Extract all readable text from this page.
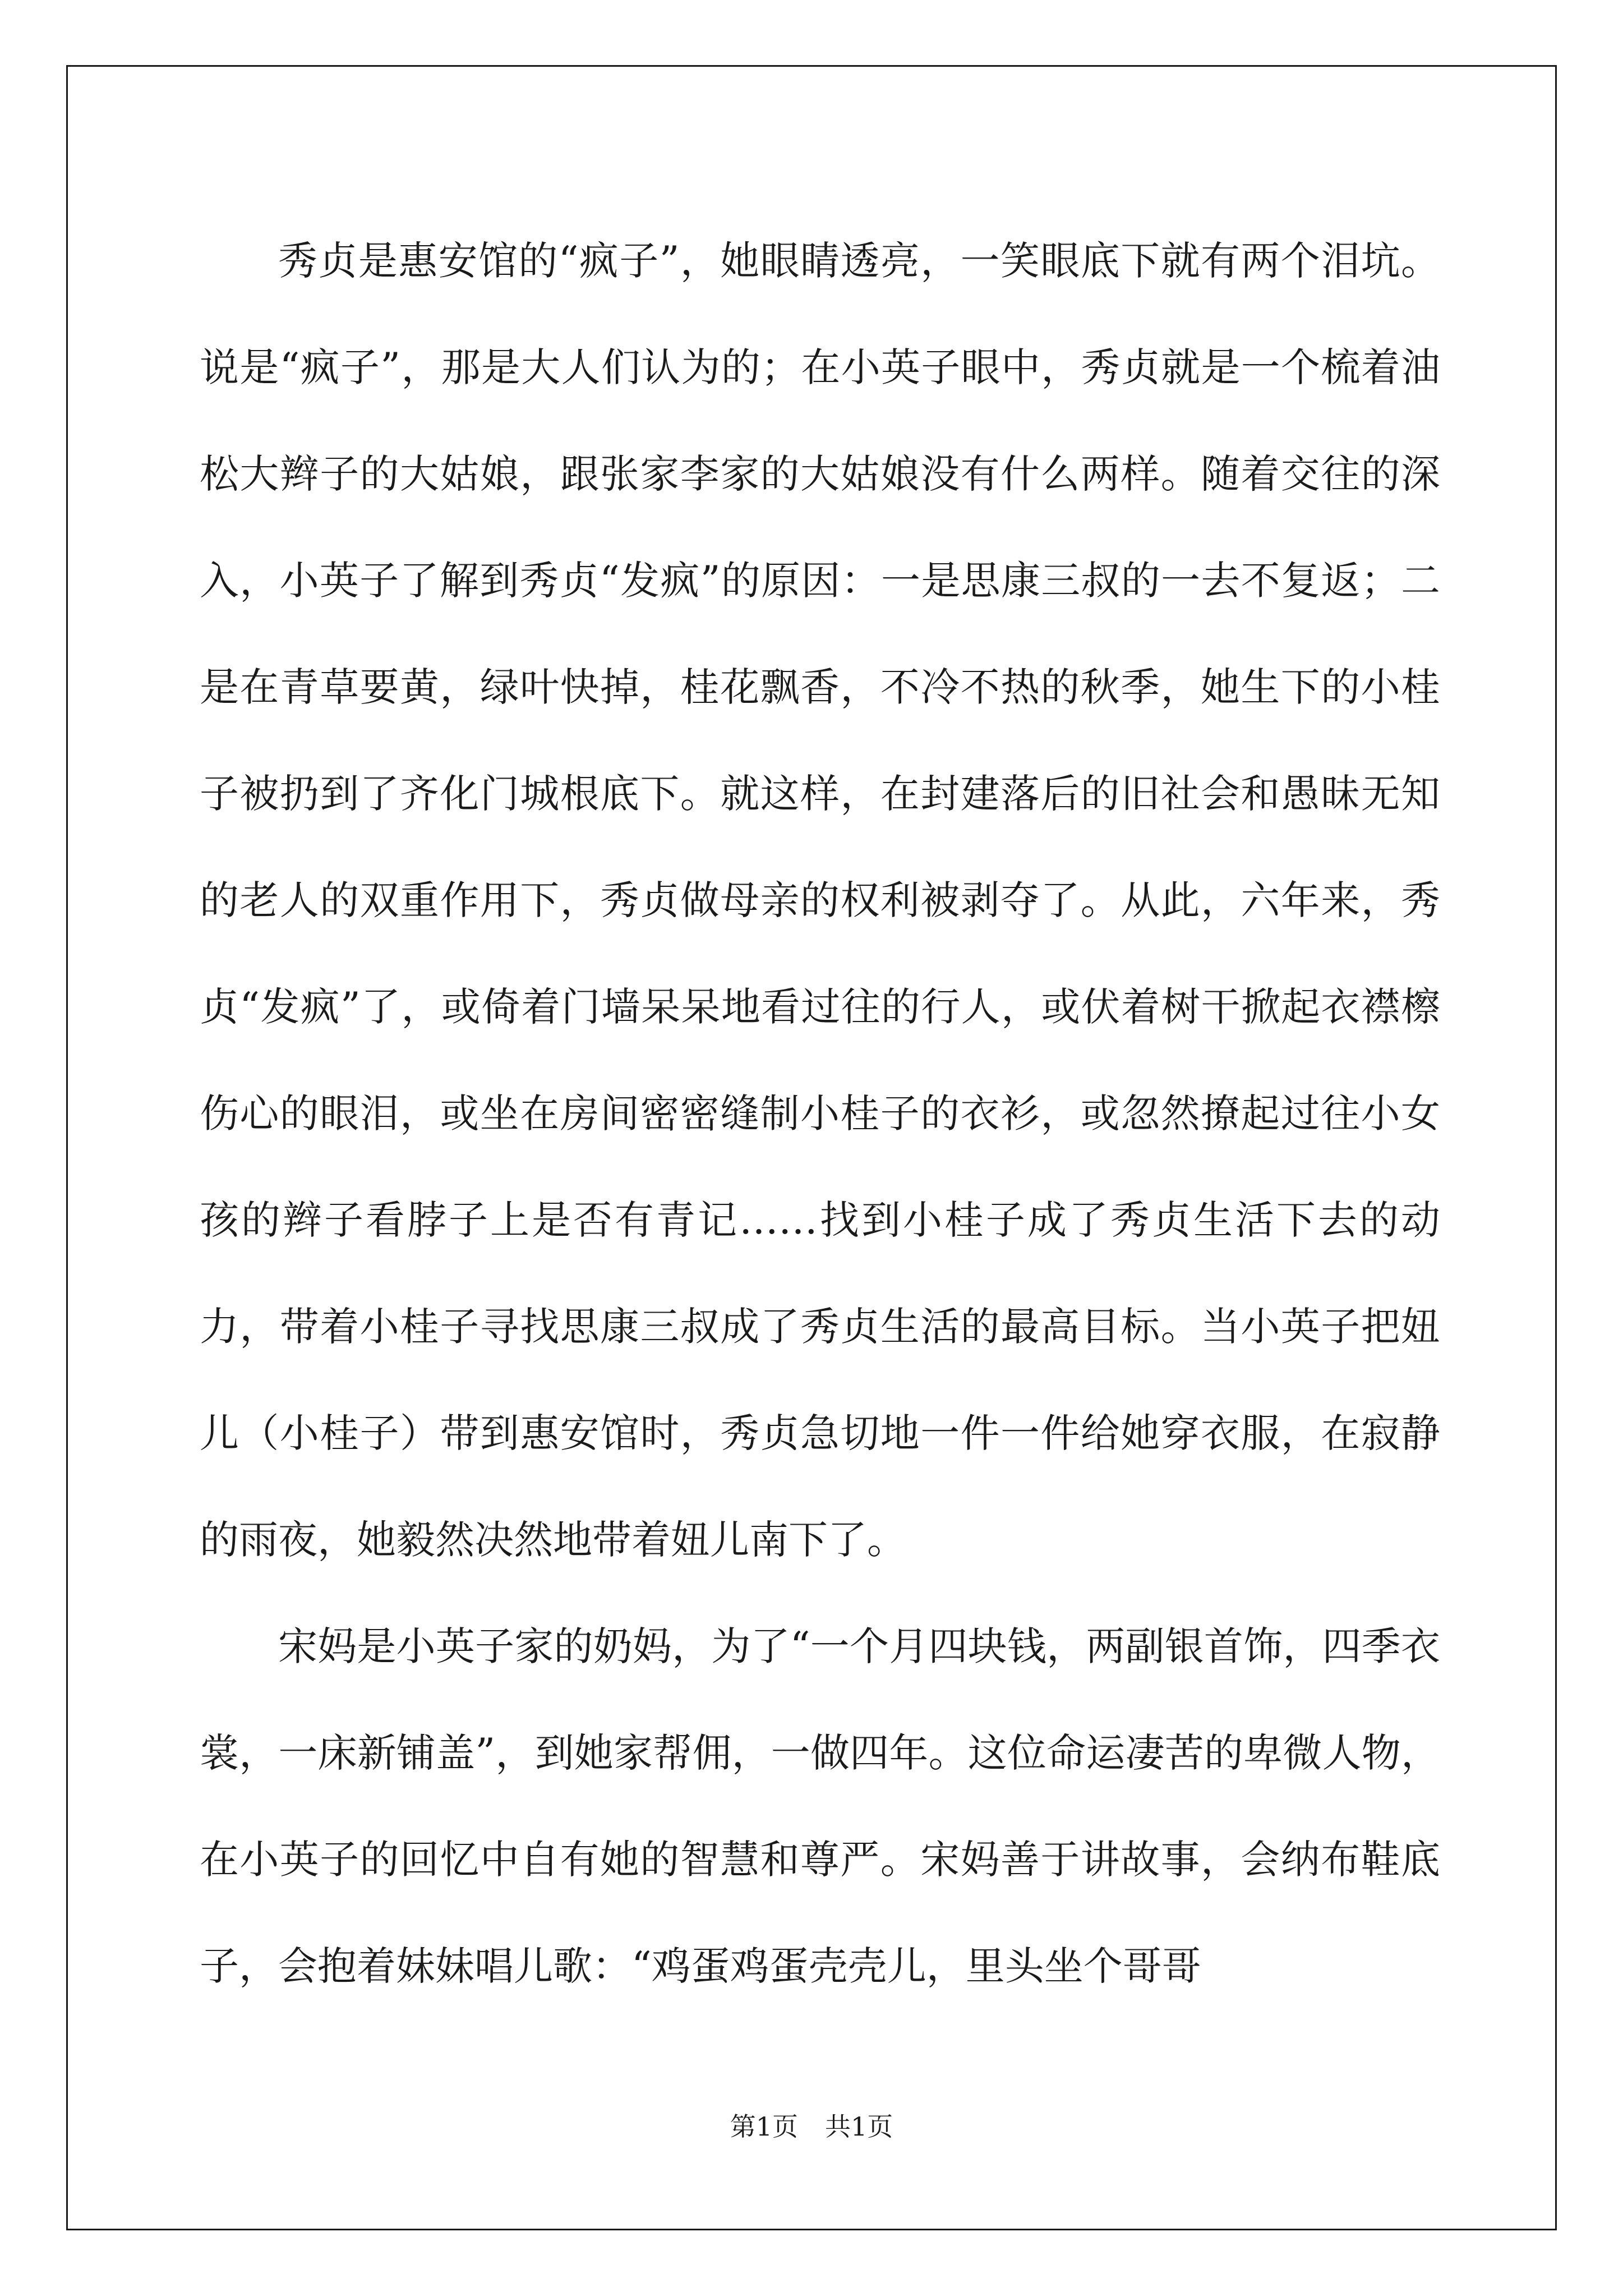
秀贞是惠安馆的“疯子”，她眼睛透亮，一笑眼底下就有两个泪坑。说是“疯子”，那是大人们认为的；在小英子眼中，秀贞就是一个梳着油松大辫子的大姑娘，跟张家李家的大姑娘没有什么两样。随着交往的深入，小英子了解到秀贞“发疯”的原因：一是思康三叔的一去不复返；二是在青草要黄，绿叶快掉，桂花飘香，不冷不热的秋季，她生下的小桂子被扔到了齐化门城根底下。就这样，在封建落后的旧社会和愚昧无知的老人的双重作用下，秀贞做母亲的权利被剥夺了。从此，六年来，秀贞“发疯”了，或倚着门墙呆呆地看过往的行人，或伏着树干掀起衣襟檫伤心的眼泪，或坐在房间密密缝制小桂子的衣衫，或忽然撩起过往小女孩的辫子看脖子上是否有青记……找到小桂子成了秀贞生活下去的动力，带着小桂子寻找思康三叔成了秀贞生活的最高目标。当小英子把妞儿（小桂子）带到惠安馆时，秀贞急切地一件一件给她穿衣服，在寂静的雨夜，她毅然决然地带着妞儿南下了。

宋妈是小英子家的奶妈，为了“一个月四块钱，两副银首饰，四季衣裳，一床新铺盖”，到她家帮佣，一做四年。这位命运凄苦的卑微人物，在小英子的回忆中自有她的智慧和尊严。宋妈善于讲故事，会纳布鞋底子，会抱着妹妹唱儿歌：“鸡蛋鸡蛋壳壳儿，里头坐个哥哥

第1页 共1页
